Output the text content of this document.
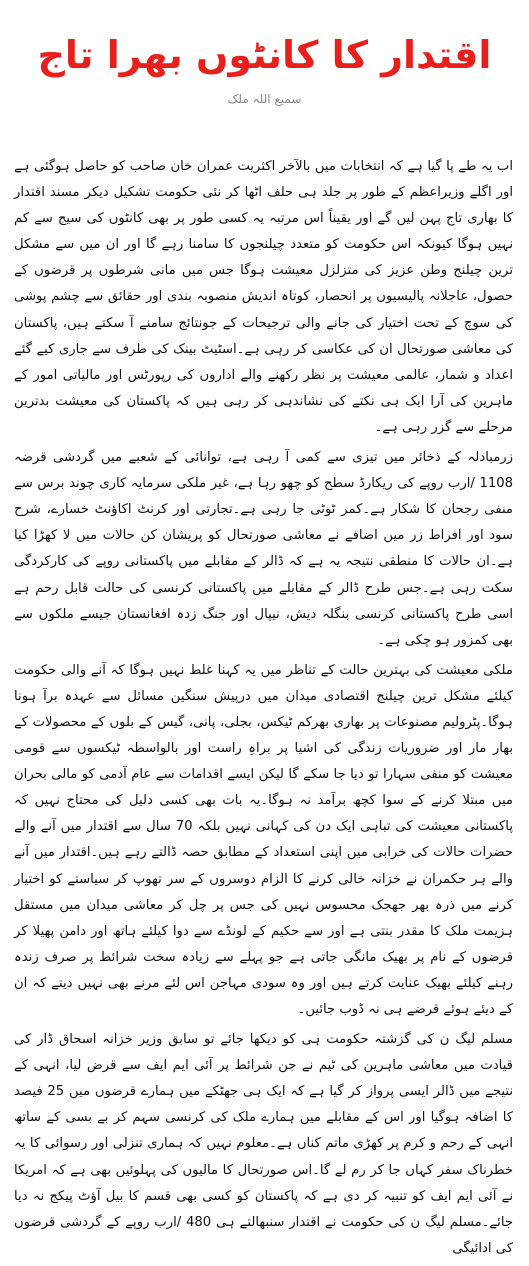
اقتدار کا کانٹوں بھرا تاج
سمیع اللہ ملک

اب یہ طے پا گیا ہے کہ انتخابات میں بالآخر اکثریت عمران خان صاحب کو حاصل ہوگئی ہے اور اگلے وزیراعظم کے طور پر جلد ہی حلف اٹھا کر نئی حکومت تشکیل دیکر مسند اقتدار کا بھاری تاج پہن لیں گے اور یقیناً اس مرتبہ یہ کسی طور پر بھی کانٹوں کی سیج سے کم نہیں ہوگا کیونکہ اس حکومت کو متعدد چیلنجوں کا سامنا رہے گا اور ان میں سے مشکل ترین چیلنج وطن عزیز کی متزلزل معیشت ہوگا جس میں مانی شرطوں پر قرضوں کے حصول، عاجلانہ پالیسیوں پر انحصار، کوتاہ اندیش منصوبہ بندی اور حقائق سے چشم پوشی کی سوچ کے تحت اختیار کی جانے والی ترجیحات کے جونتائج سامنے آ سکتے ہیں، پاکستان کی معاشی صورتحال ان کی عکاسی کر رہی ہے۔اسٹیٹ بینک کی طرف سے جاری کیے گئے اعداد و شمار، عالمی معیشت پر نظر رکھنے والے اداروں کی رپورٹس اور مالیاتی امور کے ماہرین کی آرا ایک ہی نکتے کی نشاندہی کر رہی ہیں کہ پاکستان کی معیشت بدترین مرحلے سے گزر رہی ہے۔

زرمبادلہ کے ذخائر میں تیزی سے کمی آ رہی ہے، توانائی کے شعبے میں گردشی قرضہ 1108 /ارب روپے کی ریکارڈ سطح کو چھو رہا ہے، غیر ملکی سرمایہ کاری چوند برس سے منفی رجحان کا شکار ہے۔کمر ٹوٹی جا رہی ہے۔تجارتی اور کرنٹ اکاؤنٹ خسارے، شرح سود اور افراط زر میں اضافے نے معاشی صورتحال کو پریشان کن حالات میں لا کھڑا کیا ہے۔ان حالات کا منطقی نتیجہ یہ ہے کہ ڈالر کے مقابلے میں پاکستانی روپے کی کارکردگی سکت رہی ہے۔جس طرح ڈالر کے مقابلے میں پاکستانی کرنسی کی حالت قابل رحم ہے اسی طرح پاکستانی کرنسی بنگلہ دیش، نیپال اور جنگ زدہ افغانستان جیسے ملکوں سے بھی کمزور ہو چکی ہے۔

ملکی معیشت کی بہترین حالت کے تناظر میں یہ کہنا غلط نہیں ہوگا کہ آنے والی حکومت کیلئے مشکل ترین چیلنج اقتصادی میدان میں درپیش سنگین مسائل سے عہدہ برآ ہونا ہوگا۔پٹرولیم مصنوعات پر بھاری بھرکم ٹیکس، بجلی، پانی، گیس کے بلوں کے محصولات کے بھار مار اور ضروریات زندگی کی اشیا پر براہِ راست اور بالواسطہ ٹیکسوں سے قومی معیشت کو منفی سہارا تو دیا جا سکے گا لیکن ایسے اقدامات سے عام آدمی کو مالی بحران میں مبتلا کرنے کے سوا کچھ برآمد نہ ہوگا۔یہ بات بھی کسی دلیل کی محتاج نہیں کہ پاکستانی معیشت کی تباہی ایک دن کی کہانی نہیں بلکہ 70 سال سے اقتدار میں آنے والے حضرات حالات کی خرابی میں اپنی استعداد کے مطابق حصہ ڈالتے رہے ہیں۔اقتدار میں آنے والے ہر حکمران نے خزانہ خالی کرنے کا الزام دوسروں کے سر تھوپ کر سیاستے کو اختیار کرنے میں ذرہ بھر جھجک محسوس نہیں کی جس پر چل کر معاشی میدان میں مستقل ہزیمت ملک کا مقدر بنتی ہے اور سے حکیم کے لونڈے سے دوا کیلئے ہاتھ اور دامن پھیلا کر قرضوں کے نام پر بھیک مانگی جاتی ہے جو پہلے سے زیادہ سخت شرائط پر صرف زندہ رہنے کیلئے بھیک عنایت کرتے ہیں اور وہ سودی مہاجن اس لئے مرنے بھی نہیں دیتے کہ ان کے دیئے ہوئے قرضے ہی نہ ڈوب جائیں۔

مسلم لیگ ن کی گزشتہ حکومت ہی کو دیکھا جائے تو سابق وزیر خزانہ اسحاق ڈار کی قیادت میں معاشی ماہرین کی ٹیم نے جن شرائط پر آئی ایم ایف سے قرض لیا، انہی کے نتیجے میں ڈالر ایسی پرواز کر گیا ہے کہ ایک ہی جھٹکے میں ہمارے قرضوں میں 25 فیصد کا اضافہ ہوگیا اور اس کے مقابلے میں ہمارے ملک کی کرنسی سہم کر بے بسی کے ساتھ انہی کے رحم و کرم پر کھڑی ماتم کناں ہے۔معلوم نہیں کہ ہماری تنزلی اور رسوائی کا یہ خطرناک سفر کہاں جا کر رم لے گا۔اس صورتحال کا مالیوں کی پہلوئیں بھی ہے کہ امریکا نے آئی ایم ایف کو تنبیہ کر دی ہے کہ پاکستان کو کسی بھی قسم کا بیل آؤٹ پیکج نہ دیا جائے۔مسلم لیگ ن کی حکومت نے اقتدار سنبھالتے ہی 480 /ارب روپے کے گردشی قرضوں کی ادائیگی
